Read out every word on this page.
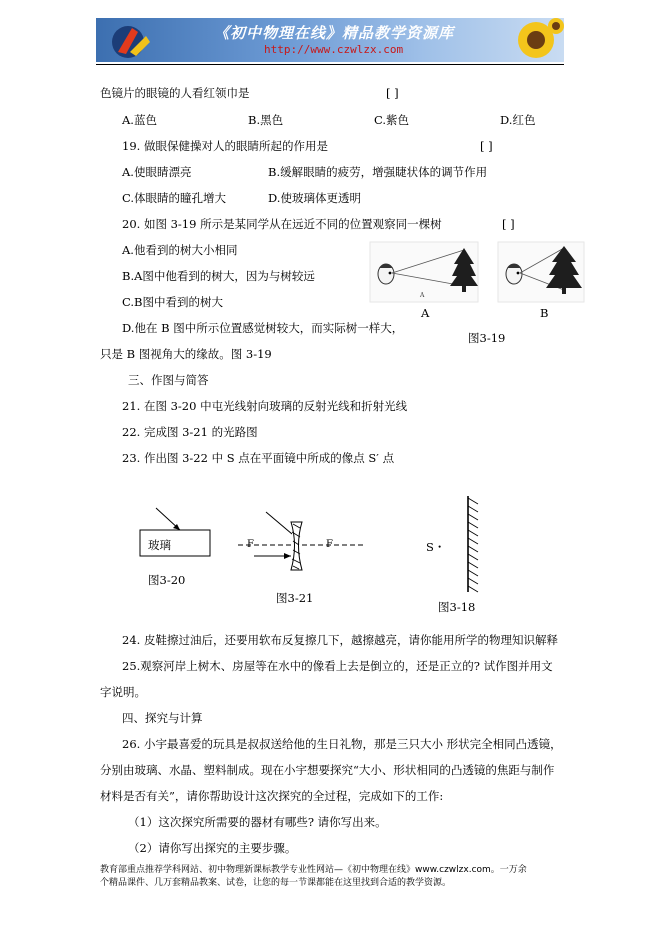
《初中物理在线》精品教学资源库
http://www.czwlzx.com
色镜片的眼镜的人看红领巾是	[ ]
A.蓝色	B.黑色	C.紫色	D.红色
19. 做眼保健操对人的眼睛所起的作用是	[ ]
A.使眼睛漂亮	B.缓解眼睛的疲劳，增强睫状体的调节作用
C.体眼睛的瞳孔增大	D.使玻璃体更透明
20. 如图 3-19 所示是某同学从在远近不同的位置观察同一棵树	[ ]
A.他看到的树大小相同
B.A图中他看到的树大，因为与树较远
C.B图中看到的树大
D.他在 B 图中所示位置感觉树较大，而实际树一样大，
只是 B 图视角大的缘故。图 3-19
A
A	B
图3-19
三、作图与简答
21. 在图 3-20 中屯光线射向玻璃的反射光线和折射光线
22. 完成图 3-21 的光路图
23. 作出图 3-22 中 S 点在平面镜中所成的像点 S′ 点
玻璃
图3-20
F	F
图3-21
S・
图3-18
24. 皮鞋擦过油后，还要用软布反复擦几下，越擦越亮，请你能用所学的物理知识解释
25.观察河岸上树木、房屋等在水中的像看上去是倒立的，还是正立的? 试作图并用文
字说明。
四、探究与计算
26. 小宇最喜爱的玩具是叔叔送给他的生日礼物，那是三只大小 形状完全相同凸透镜，
分别由玻璃、水晶、塑料制成。现在小宇想要探究“大小、形状相同的凸透镜的焦距与制作
材料是否有关”，请你帮助设计这次探究的全过程，完成如下的工作:
（1）这次探究所需要的器材有哪些? 请你写出来。
（2）请你写出探究的主要步骤。
教育部重点推荐学科网站、初中物理新课标教学专业性网站—《初中物理在线》www.czwlzx.com。一万余
个精品课件、几万套精品教案、试卷，让您的每一节课都能在这里找到合适的教学资源。
